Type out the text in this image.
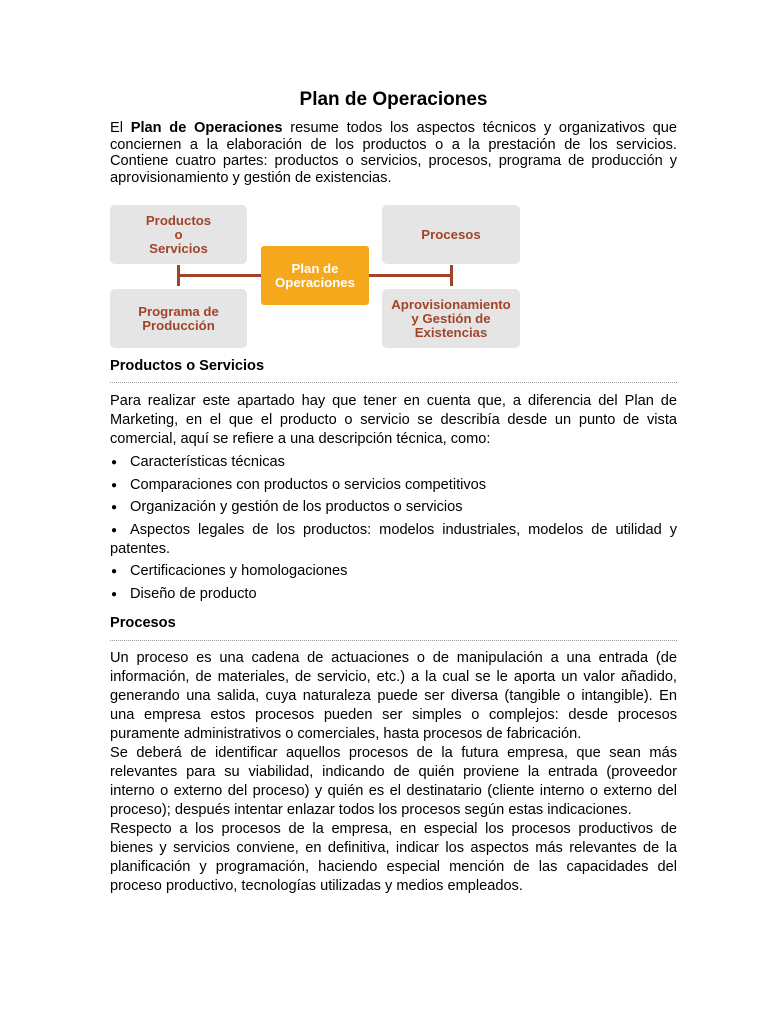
Plan de Operaciones

El Plan de Operaciones resume todos los aspectos técnicos y organizativos que conciernen a la elaboración de los productos o a la prestación de los servicios. Contiene cuatro partes: productos o servicios, procesos, programa de producción y aprovisionamiento y gestión de existencias.

Productos
o
Servicios
Procesos
Programa de
Producción
Aprovisionamiento
y Gestión de
Existencias
Plan de
Operaciones
Productos o Servicios

Para realizar este apartado hay que tener en cuenta que, a diferencia del Plan de Marketing, en el que el producto o servicio se describía desde un punto de vista comercial, aquí se refiere a una descripción técnica, como:

● Características técnicas
● Comparaciones con productos o servicios competitivos
● Organización y gestión de los productos o servicios
● Aspectos legales de los productos: modelos industriales, modelos de utilidad y patentes.
● Certificaciones y homologaciones
● Diseño de producto
Procesos

Un proceso es una cadena de actuaciones o de manipulación a una entrada (de información, de materiales, de servicio, etc.) a la cual se le aporta un valor añadido, generando una salida, cuya naturaleza puede ser diversa (tangible o intangible). En una empresa estos procesos pueden ser simples o complejos: desde procesos puramente administrativos o comerciales, hasta procesos de fabricación.

Se deberá de identificar aquellos procesos de la futura empresa, que sean más relevantes para su viabilidad, indicando de quién proviene la entrada (proveedor interno o externo del proceso) y quién es el destinatario (cliente interno o externo del proceso); después intentar enlazar todos los procesos según estas indicaciones.

Respecto a los procesos de la empresa, en especial los procesos productivos de bienes y servicios conviene, en definitiva, indicar los aspectos más relevantes de la planificación y programación, haciendo especial mención de las capacidades del proceso productivo, tecnologías utilizadas y medios empleados.
